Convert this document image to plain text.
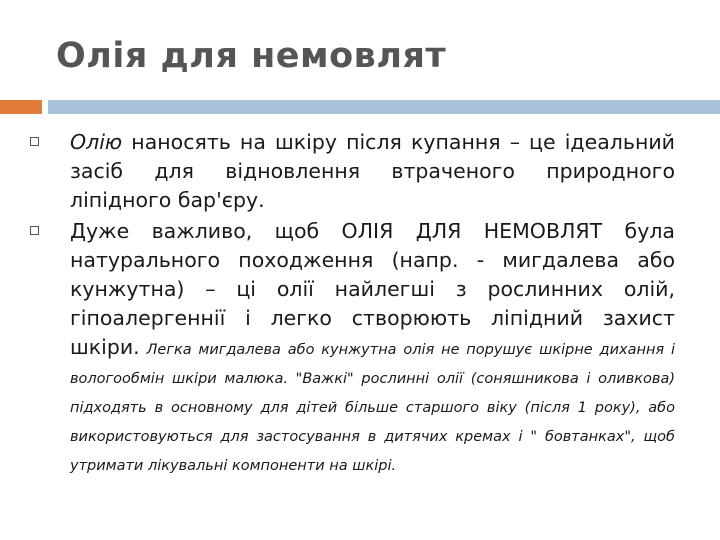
Олія для немовлят

Олію наносять на шкіру після купання – це ідеальний засіб для відновлення втраченого природного ліпідного бар'єру.

Дуже важливо, щоб ОЛІЯ ДЛЯ НЕМОВЛЯТ була натурального походження (напр. - мигдалева або кунжутна) – ці олії найлегші з рослинних олій, гіпоалергеннії і легко створюють ліпідний захист шкіри. Легка мигдалева або кунжутна олія не порушує шкірне дихання і вологообмін шкіри малюка. "Важкі" рослинні олії (соняшникова і оливкова) підходять в основному для дітей більше старшого віку (після 1 року), або використовуються для застосування в дитячих кремах і " бовтанках", щоб утримати лікувальні компоненти на шкірі.
